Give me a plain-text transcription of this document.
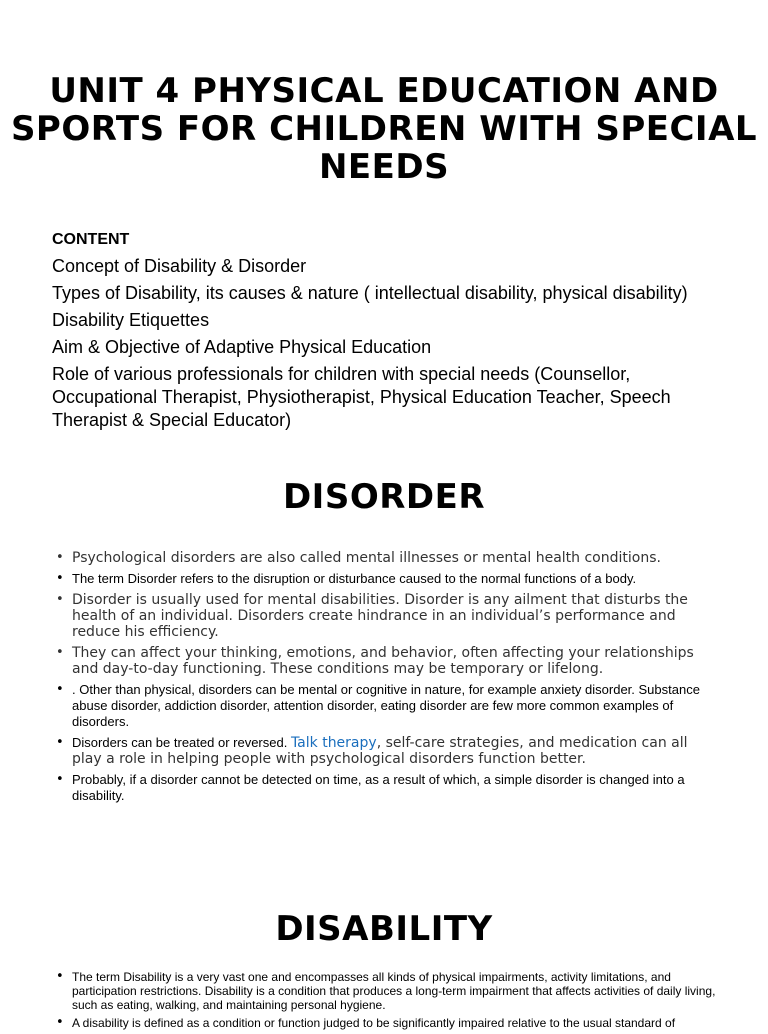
UNIT 4 PHYSICAL EDUCATION AND SPORTS FOR CHILDREN WITH SPECIAL NEEDS
CONTENT
Concept of Disability & Disorder
Types of Disability, its causes & nature ( intellectual disability, physical disability)
Disability Etiquettes
Aim & Objective of Adaptive Physical Education
Role of various professionals for children with special needs (Counsellor, Occupational Therapist, Physiotherapist, Physical Education Teacher, Speech Therapist & Special Educator)
DISORDER
• Psychological disorders are also called mental illnesses or mental health conditions.
• The term Disorder refers to the disruption or disturbance caused to the normal functions of a body.
• Disorder is usually used for mental disabilities. Disorder is any ailment that disturbs the health of an individual. Disorders create hindrance in an individual’s performance and reduce his efficiency.
• They can affect your thinking, emotions, and behavior, often affecting your relationships and day-to-day functioning. These conditions may be temporary or lifelong.
• . Other than physical, disorders can be mental or cognitive in nature, for example anxiety disorder. Substance abuse disorder, addiction disorder, attention disorder, eating disorder are few more common examples of disorders.
• Disorders can be treated or reversed. Talk therapy, self-care strategies, and medication can all play a role in helping people with psychological disorders function better.
• Probably, if a disorder cannot be detected on time, as a result of which, a simple disorder is changed into a disability.
DISABILITY
• The term Disability is a very vast one and encompasses all kinds of physical impairments, activity limitations, and participation restrictions. Disability is a condition that produces a long-term impairment that affects activities of daily living, such as eating, walking, and maintaining personal hygiene.
• A disability is defined as a condition or function judged to be significantly impaired relative to the usual standard of
